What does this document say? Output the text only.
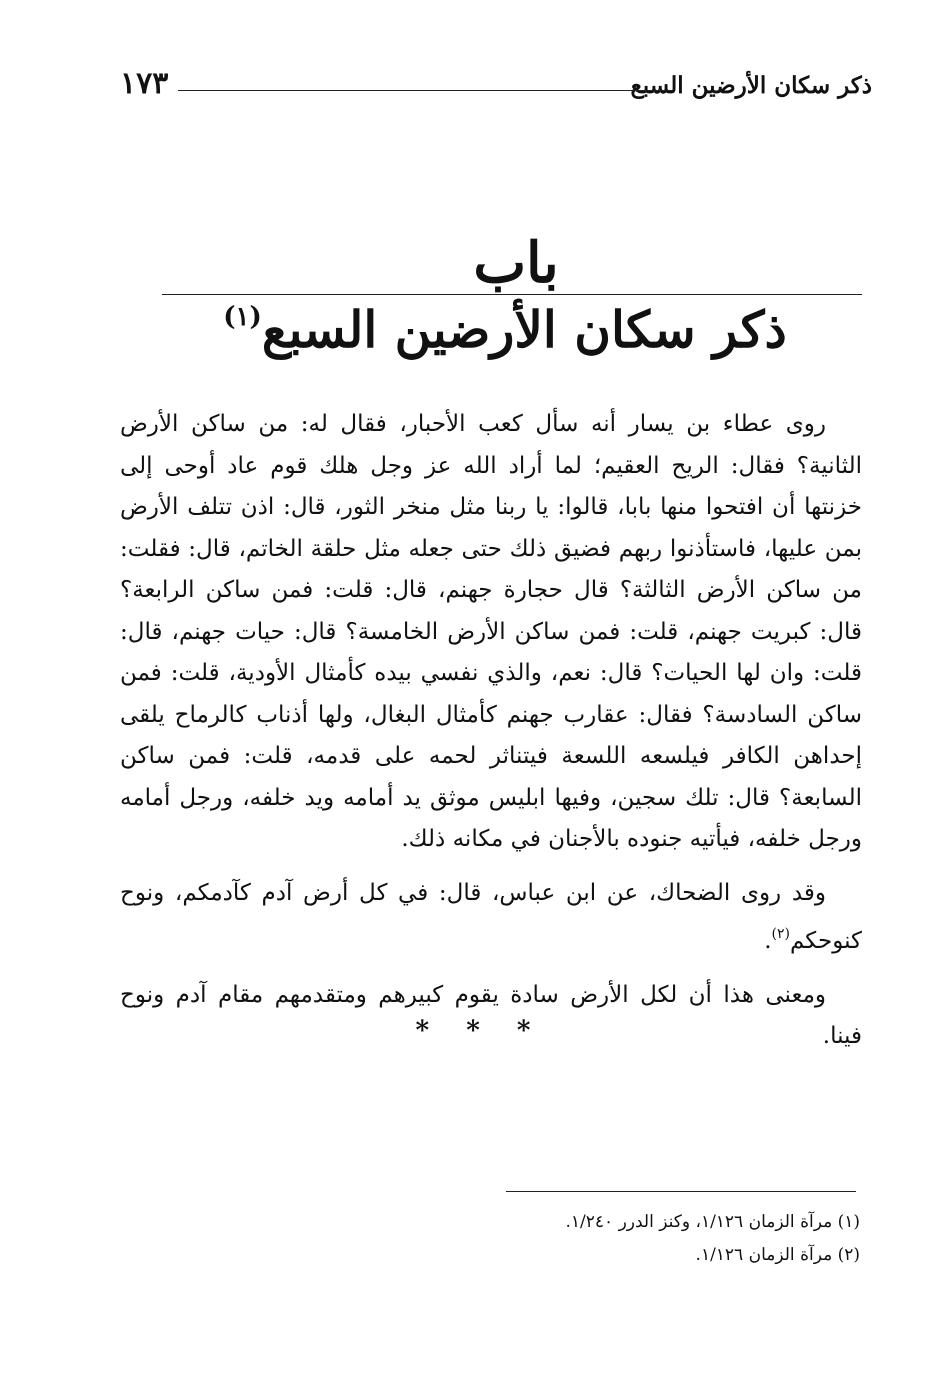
ذكر سكان الأرضين السبع
١٧٣
باب
ذكر سكان الأرضين السبع$^{(١)}$

روى عطاء بن يسار أنه سأل كعب الأحبار، فقال له: من ساكن الأرض الثانية؟ فقال: الريح العقيم؛ لما أراد الله عز وجل هلك قوم عاد أوحى إلى خزنتها أن افتحوا منها بابا، قالوا: يا ربنا مثل منخر الثور، قال: اذن تتلف الأرض بمن عليها، فاستأذنوا ربهم فضيق ذلك حتى جعله مثل حلقة الخاتم، قال: فقلت: من ساكن الأرض الثالثة؟ قال حجارة جهنم، قال: قلت: فمن ساكن الرابعة؟ قال: كبريت جهنم، قلت: فمن ساكن الأرض الخامسة؟ قال: حيات جهنم، قال: قلت: وان لها الحيات؟ قال: نعم، والذي نفسي بيده كأمثال الأودية، قلت: فمن ساكن السادسة؟ فقال: عقارب جهنم كأمثال البغال، ولها أذناب كالرماح يلقى إحداهن الكافر فيلسعه اللسعة فيتناثر لحمه على قدمه، قلت: فمن ساكن السابعة؟ قال: تلك سجين، وفيها ابليس موثق يد أمامه ويد خلفه، ورجل أمامه ورجل خلفه، فيأتيه جنوده بالأجنان في مكانه ذلك.

وقد روى الضحاك، عن ابن عباس، قال: في كل أرض آدم كآدمكم، ونوح كنوحكم$^{(٢)}$.

ومعنى هذا أن لكل الأرض سادة يقوم كبيرهم ومتقدمهم مقام آدم ونوح فينا.

* * *
(١) مرآة الزمان ١/١٢٦، وكنز الدرر ١/٢٤٠.
(٢) مرآة الزمان ١/١٢٦.
